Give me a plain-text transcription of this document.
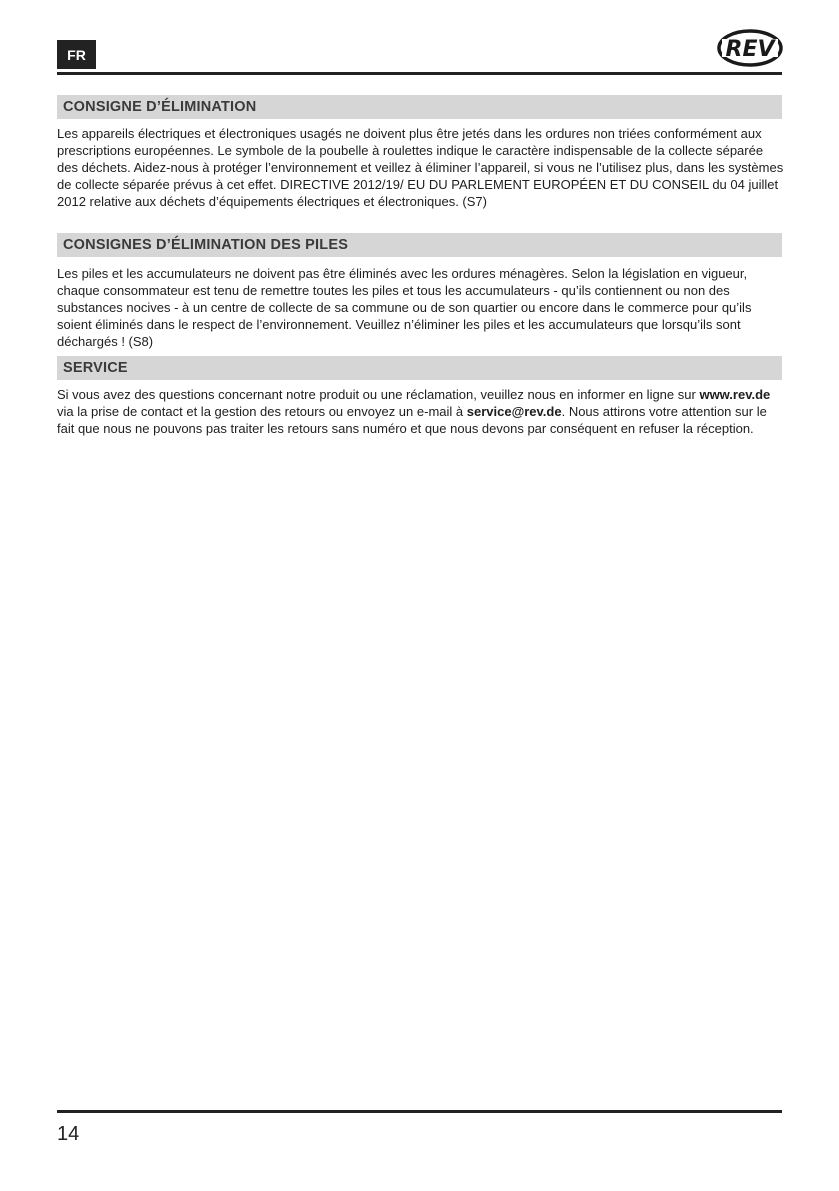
FR	REV
CONSIGNE D’ÉLIMINATION

Les appareils électriques et électroniques usagés ne doivent plus être jetés dans les ordures non triées conformément aux prescriptions européennes. Le symbole de la poubelle à roulettes indique le caractère indispensable de la collecte séparée des déchets. Aidez-nous à protéger l’environnement et veillez à éliminer l’appareil, si vous ne l’utilisez plus, dans les systèmes de collecte séparée prévus à cet effet. DIRECTIVE 2012/19/ EU DU PARLEMENT EUROPÉEN ET DU CONSEIL du 04 juillet 2012 relative aux déchets d’équipements électriques et électroniques. (S7)

CONSIGNES D’ÉLIMINATION DES PILES

Les piles et les accumulateurs ne doivent pas être éliminés avec les ordures ménagères. Selon la législation en vigueur, chaque consommateur est tenu de remettre toutes les piles et tous les accumulateurs - qu’ils contiennent ou non des substances nocives - à un centre de collecte de sa commune ou de son quartier ou encore dans le commerce pour qu’ils soient éliminés dans le respect de l’environnement. Veuillez n’éliminer les piles et les accumulateurs que lorsqu’ils sont déchargés ! (S8)

SERVICE

Si vous avez des questions concernant notre produit ou une réclamation, veuillez nous en informer en ligne sur www.rev.de via la prise de contact et la gestion des retours ou envoyez un e-mail à service@rev.de. Nous attirons votre attention sur le fait que nous ne pouvons pas traiter les retours sans numéro et que nous devons par conséquent en refuser la réception.

14
